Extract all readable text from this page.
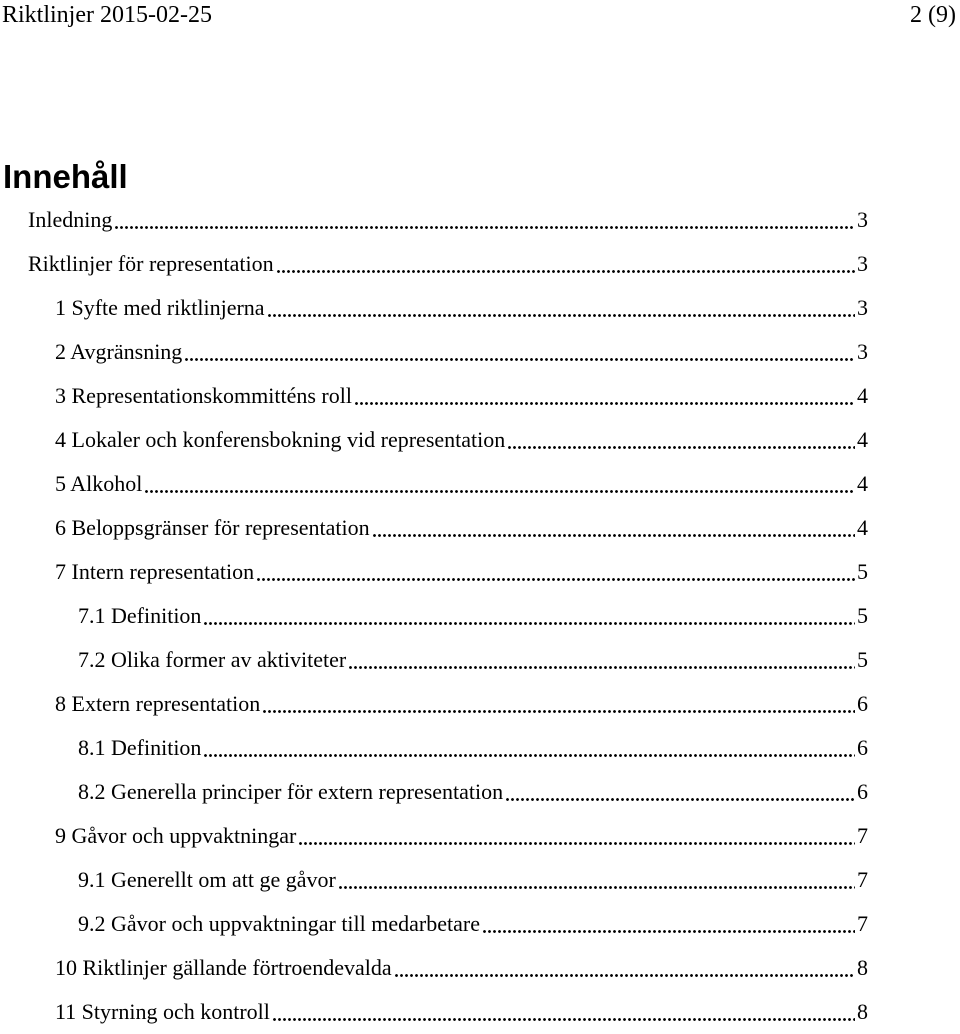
Riktlinjer 2015-02-25	2 (9)
Innehåll
Inledning	3
Riktlinjer för representation	3
1 Syfte med riktlinjerna	3
2 Avgränsning	3
3 Representationskommitténs roll	4
4 Lokaler och konferensbokning vid representation	4
5 Alkohol	4
6 Beloppsgränser för representation	4
7 Intern representation	5
7.1 Definition	5
7.2 Olika former av aktiviteter	5
8 Extern representation	6
8.1 Definition	6
8.2 Generella principer för extern representation	6
9 Gåvor och uppvaktningar	7
9.1 Generellt om att ge gåvor	7
9.2 Gåvor och uppvaktningar till medarbetare	7
10 Riktlinjer gällande förtroendevalda	8
11 Styrning och kontroll	8
